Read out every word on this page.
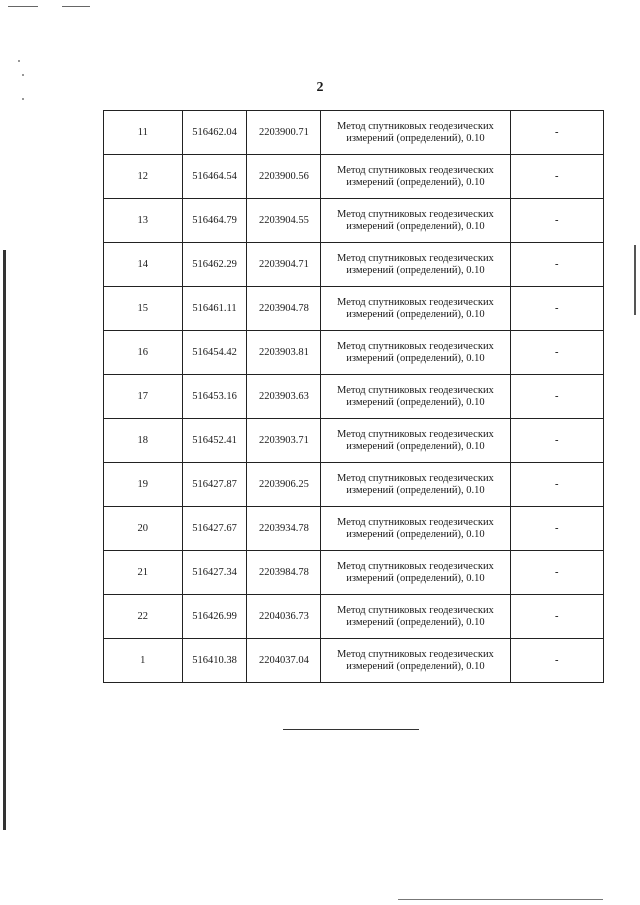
2
11	516462.04	2203900.71	Метод спутниковых геодезических
измерений (определений), 0.10	-
12	516464.54	2203900.56	Метод спутниковых геодезических
измерений (определений), 0.10	-
13	516464.79	2203904.55	Метод спутниковых геодезических
измерений (определений), 0.10	-
14	516462.29	2203904.71	Метод спутниковых геодезических
измерений (определений), 0.10	-
15	516461.11	2203904.78	Метод спутниковых геодезических
измерений (определений), 0.10	-
16	516454.42	2203903.81	Метод спутниковых геодезических
измерений (определений), 0.10	-
17	516453.16	2203903.63	Метод спутниковых геодезических
измерений (определений), 0.10	-
18	516452.41	2203903.71	Метод спутниковых геодезических
измерений (определений), 0.10	-
19	516427.87	2203906.25	Метод спутниковых геодезических
измерений (определений), 0.10	-
20	516427.67	2203934.78	Метод спутниковых геодезических
измерений (определений), 0.10	-
21	516427.34	2203984.78	Метод спутниковых геодезических
измерений (определений), 0.10	-
22	516426.99	2204036.73	Метод спутниковых геодезических
измерений (определений), 0.10	-
1	516410.38	2204037.04	Метод спутниковых геодезических
измерений (определений), 0.10	-
